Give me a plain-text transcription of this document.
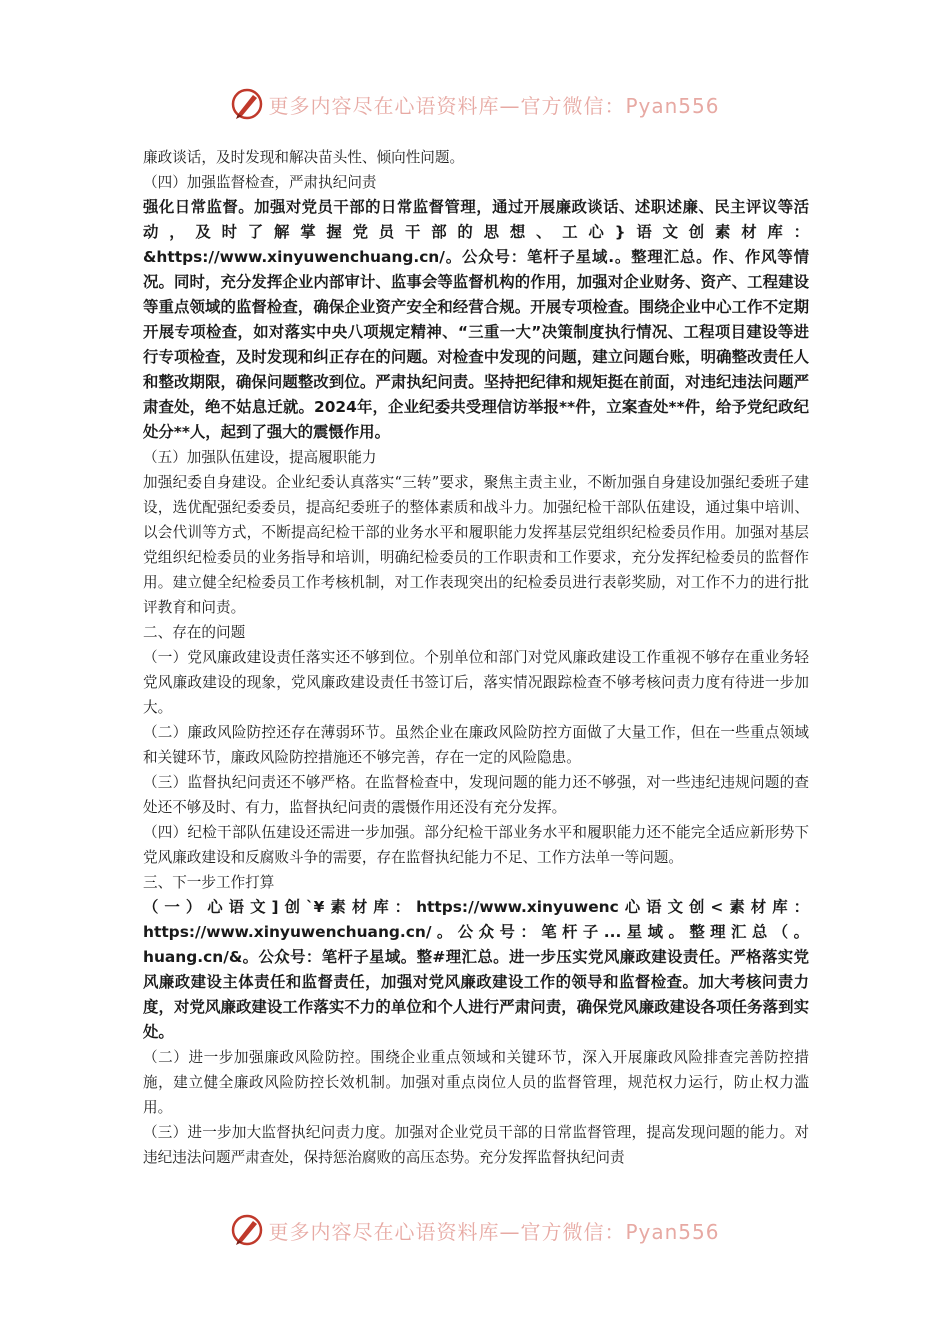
更多内容尽在心语资料库—官方微信：Pyan556

廉政谈话，及时发现和解决苗头性、倾向性问题。

（四）加强监督检查，严肃执纪问责

强化日常监督。加强对党员干部的日常监督管理，通过开展廉政谈话、述职述廉、民主评议等活动，及时了解掌握党员干部的思想、工心}语文创素材库：&https://www.xinyuwenchuang.cn/。公众号：笔杆子星域.。整理汇总。作、作风等情况。同时，充分发挥企业内部审计、监事会等监督机构的作用，加强对企业财务、资产、工程建设等重点领域的监督检查，确保企业资产安全和经营合规。开展专项检查。围绕企业中心工作不定期开展专项检查，如对落实中央八项规定精神、“三重一大”决策制度执行情况、工程项目建设等进行专项检查，及时发现和纠正存在的问题。对检查中发现的问题，建立问题台账，明确整改责任人和整改期限，确保问题整改到位。严肃执纪问责。坚持把纪律和规矩挺在前面，对违纪违法问题严肃查处，绝不姑息迁就。2024年，企业纪委共受理信访举报**件，立案查处**件，给予党纪政纪处分**人，起到了强大的震慑作用。

（五）加强队伍建设，提高履职能力

加强纪委自身建设。企业纪委认真落实“三转”要求，聚焦主责主业，不断加强自身建设加强纪委班子建设，选优配强纪委委员，提高纪委班子的整体素质和战斗力。加强纪检干部队伍建设，通过集中培训、以会代训等方式，不断提高纪检干部的业务水平和履职能力发挥基层党组织纪检委员作用。加强对基层党组织纪检委员的业务指导和培训，明确纪检委员的工作职责和工作要求，充分发挥纪检委员的监督作用。建立健全纪检委员工作考核机制，对工作表现突出的纪检委员进行表彰奖励，对工作不力的进行批评教育和问责。

二、存在的问题

（一）党风廉政建设责任落实还不够到位。个别单位和部门对党风廉政建设工作重视不够存在重业务轻党风廉政建设的现象，党风廉政建设责任书签订后，落实情况跟踪检查不够考核问责力度有待进一步加大。

（二）廉政风险防控还存在薄弱环节。虽然企业在廉政风险防控方面做了大量工作，但在一些重点领域和关键环节，廉政风险防控措施还不够完善，存在一定的风险隐患。

（三）监督执纪问责还不够严格。在监督检查中，发现问题的能力还不够强，对一些违纪违规问题的查处还不够及时、有力，监督执纪问责的震慑作用还没有充分发挥。

（四）纪检干部队伍建设还需进一步加强。部分纪检干部业务水平和履职能力还不能完全适应新形势下党风廉政建设和反腐败斗争的需要，存在监督执纪能力不足、工作方法单一等问题。

三、下一步工作打算

（一）心语文]创`¥素材库：https://www.xinyuwenc心语文创<素材库：https://www.xinyuwenchuang.cn/。公众号：笔杆子...星域。整理汇总（。huang.cn/&。公众号：笔杆子星域。整#理汇总。进一步压实党风廉政建设责任。严格落实党风廉政建设主体责任和监督责任，加强对党风廉政建设工作的领导和监督检查。加大考核问责力度，对党风廉政建设工作落实不力的单位和个人进行严肃问责，确保党风廉政建设各项任务落到实处。

（二）进一步加强廉政风险防控。围绕企业重点领域和关键环节，深入开展廉政风险排查完善防控措施，建立健全廉政风险防控长效机制。加强对重点岗位人员的监督管理，规范权力运行，防止权力滥用。

（三）进一步加大监督执纪问责力度。加强对企业党员干部的日常监督管理，提高发现问题的能力。对违纪违法问题严肃查处，保持惩治腐败的高压态势。充分发挥监督执纪问责

更多内容尽在心语资料库—官方微信：Pyan556
